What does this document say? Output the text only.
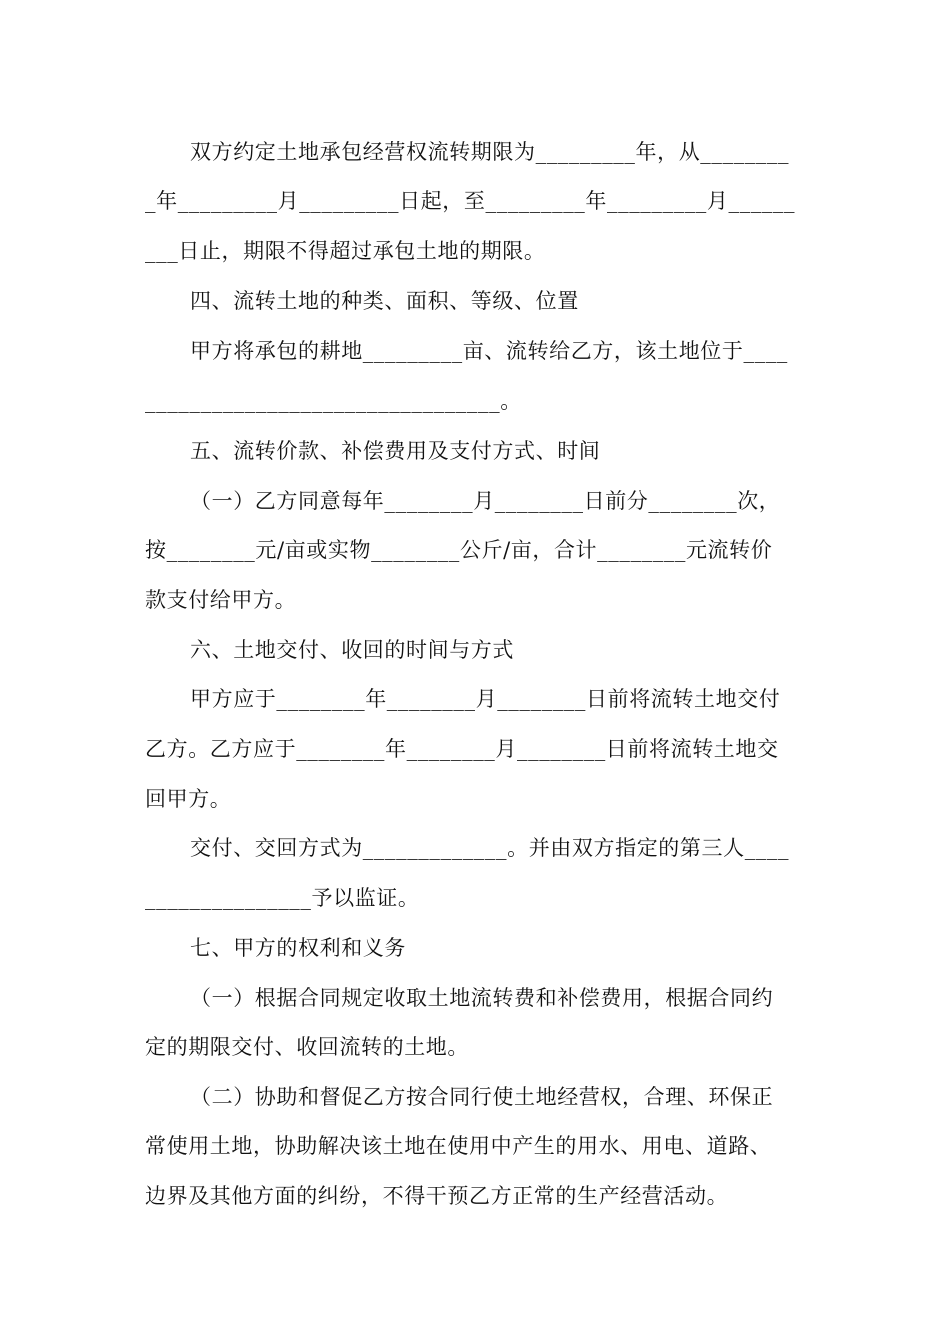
双方约定土地承包经营权流转期限为_________年，从________
_年_________月_________日起，至_________年_________月______
___日止，期限不得超过承包土地的期限。
四、流转土地的种类、面积、等级、位置
甲方将承包的耕地_________亩、流转给乙方，该土地位于____
________________________________。
五、流转价款、补偿费用及支付方式、时间
（一）乙方同意每年________月________日前分________次，
按________元/亩或实物________公斤/亩，合计________元流转价
款支付给甲方。
六、土地交付、收回的时间与方式
甲方应于________年________月________日前将流转土地交付
乙方。乙方应于________年________月________日前将流转土地交
回甲方。
交付、交回方式为_____________。并由双方指定的第三人____
_______________予以监证。
七、甲方的权利和义务
（一）根据合同规定收取土地流转费和补偿费用，根据合同约
定的期限交付、收回流转的土地。
（二）协助和督促乙方按合同行使土地经营权，合理、环保正
常使用土地，协助解决该土地在使用中产生的用水、用电、道路、
边界及其他方面的纠纷，不得干预乙方正常的生产经营活动。
